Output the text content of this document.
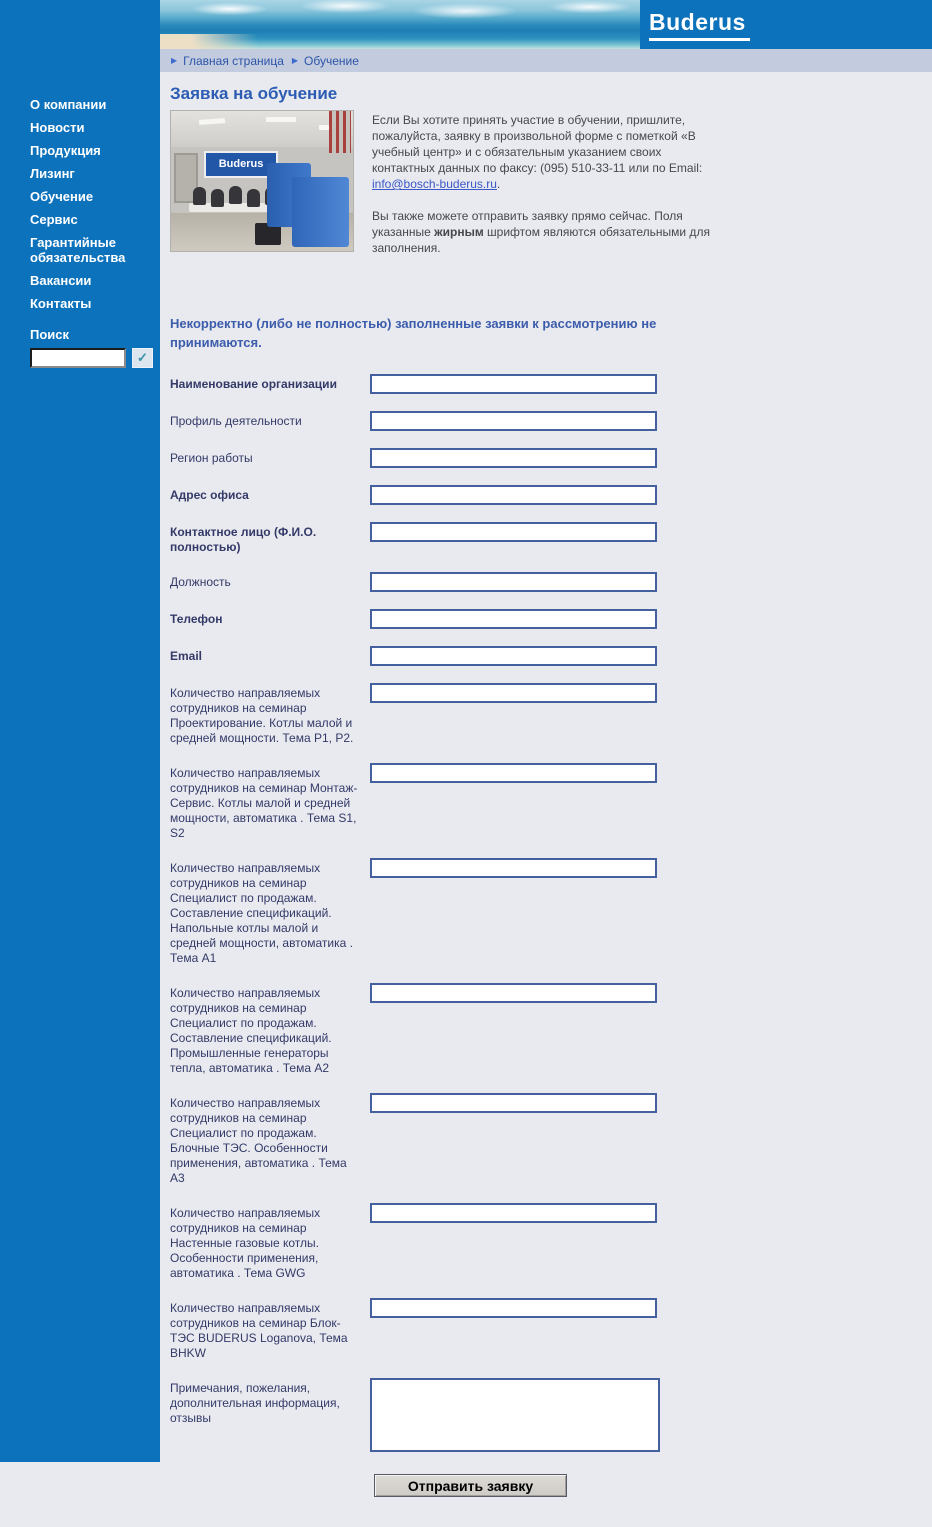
О компании
Новости
Продукция
Лизинг
Обучение
Сервис
Гарантийные обязательства
Вакансии
Контакты
Поиск
✓
Buderus
▶ Главная страница ▶ Обучение
Заявка на обучение
Buderus

Если Вы хотите принять участие в обучении, пришлите, пожалуйста, заявку в произвольной форме с пометкой «В учебный центр» и с обязательным указанием своих контактных данных по факсу: (095) 510-33-11 или по Email: info@bosch-buderus.ru.

Вы также можете отправить заявку прямо сейчас. Поля указанные жирным шрифтом являются обязательными для заполнения.

Некорректно (либо не полностью) заполненные заявки к рассмотрению не принимаются.

Наименование организации
Профиль деятельности
Регион работы
Адрес офиса
Контактное лицо (Ф.И.О. полностью)
Должность
Телефон
Email
Количество направляемых сотрудников на семинар Проектирование. Котлы малой и средней мощности. Тема Р1, Р2.
Количество направляемых сотрудников на семинар Монтаж-Сервис. Котлы малой и средней мощности, автоматика . Тема S1, S2
Количество направляемых сотрудников на семинар Специалист по продажам. Составление спецификаций. Напольные котлы малой и средней мощности, автоматика . Тема А1
Количество направляемых сотрудников на семинар Специалист по продажам. Составление спецификаций. Промышленные генераторы тепла, автоматика . Тема А2
Количество направляемых сотрудников на семинар Специалист по продажам. Блочные ТЭС. Особенности применения, автоматика . Тема А3
Количество направляемых сотрудников на семинар Настенные газовые котлы. Особенности применения, автоматика . Тема GWG
Количество направляемых сотрудников на семинар Блок-ТЭС BUDERUS Loganova, Тема BHKW
Примечания, пожелания, дополнительная информация, отзывы
Отправить заявку
